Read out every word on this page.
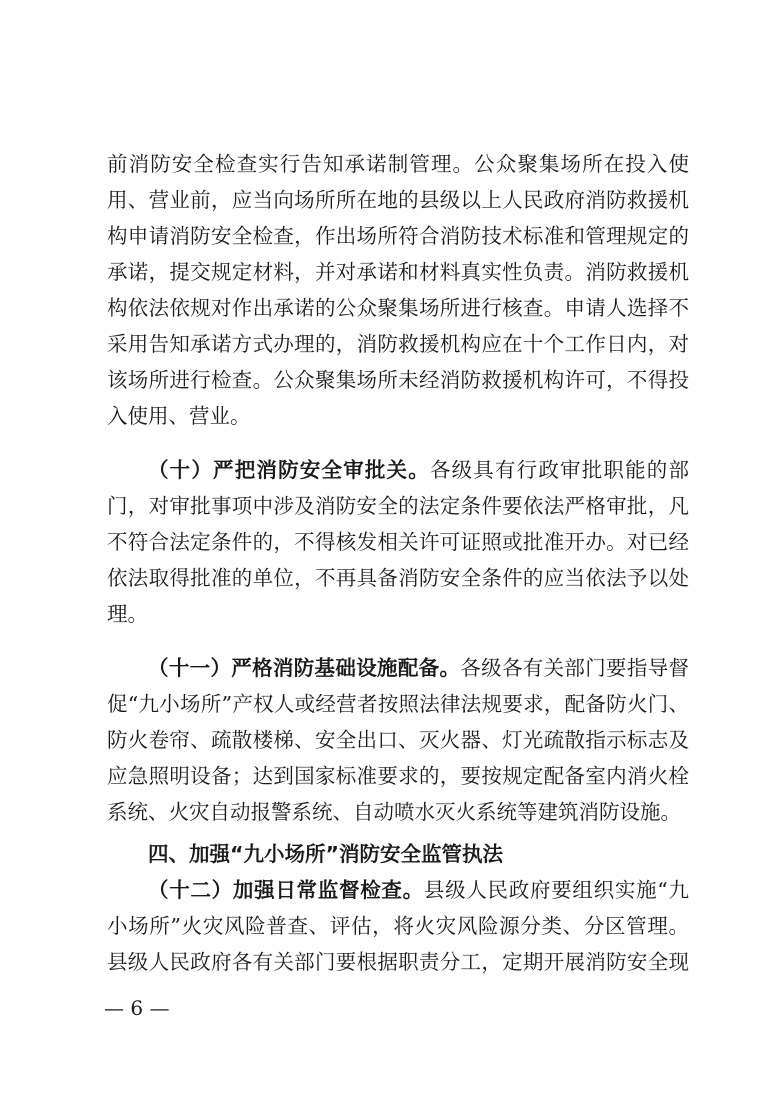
前消防安全检查实行告知承诺制管理。公众聚集场所在投入使
用、营业前，应当向场所所在地的县级以上人民政府消防救援机
构申请消防安全检查，作出场所符合消防技术标准和管理规定的
承诺，提交规定材料，并对承诺和材料真实性负责。消防救援机
构依法依规对作出承诺的公众聚集场所进行核查。申请人选择不
采用告知承诺方式办理的，消防救援机构应在十个工作日内，对
该场所进行检查。公众聚集场所未经消防救援机构许可，不得投
入使用、营业。
（十）严把消防安全审批关。各级具有行政审批职能的部
门，对审批事项中涉及消防安全的法定条件要依法严格审批，凡
不符合法定条件的，不得核发相关许可证照或批准开办。对已经
依法取得批准的单位，不再具备消防安全条件的应当依法予以处
理。
（十一）严格消防基础设施配备。各级各有关部门要指导督
促“九小场所”产权人或经营者按照法律法规要求，配备防火门、
防火卷帘、疏散楼梯、安全出口、灭火器、灯光疏散指示标志及
应急照明设备；达到国家标准要求的，要按规定配备室内消火栓
系统、火灾自动报警系统、自动喷水灭火系统等建筑消防设施。
四、加强“九小场所”消防安全监管执法
（十二）加强日常监督检查。县级人民政府要组织实施“九
小场所”火灾风险普查、评估，将火灾风险源分类、分区管理。
县级人民政府各有关部门要根据职责分工，定期开展消防安全现
— 6 —
